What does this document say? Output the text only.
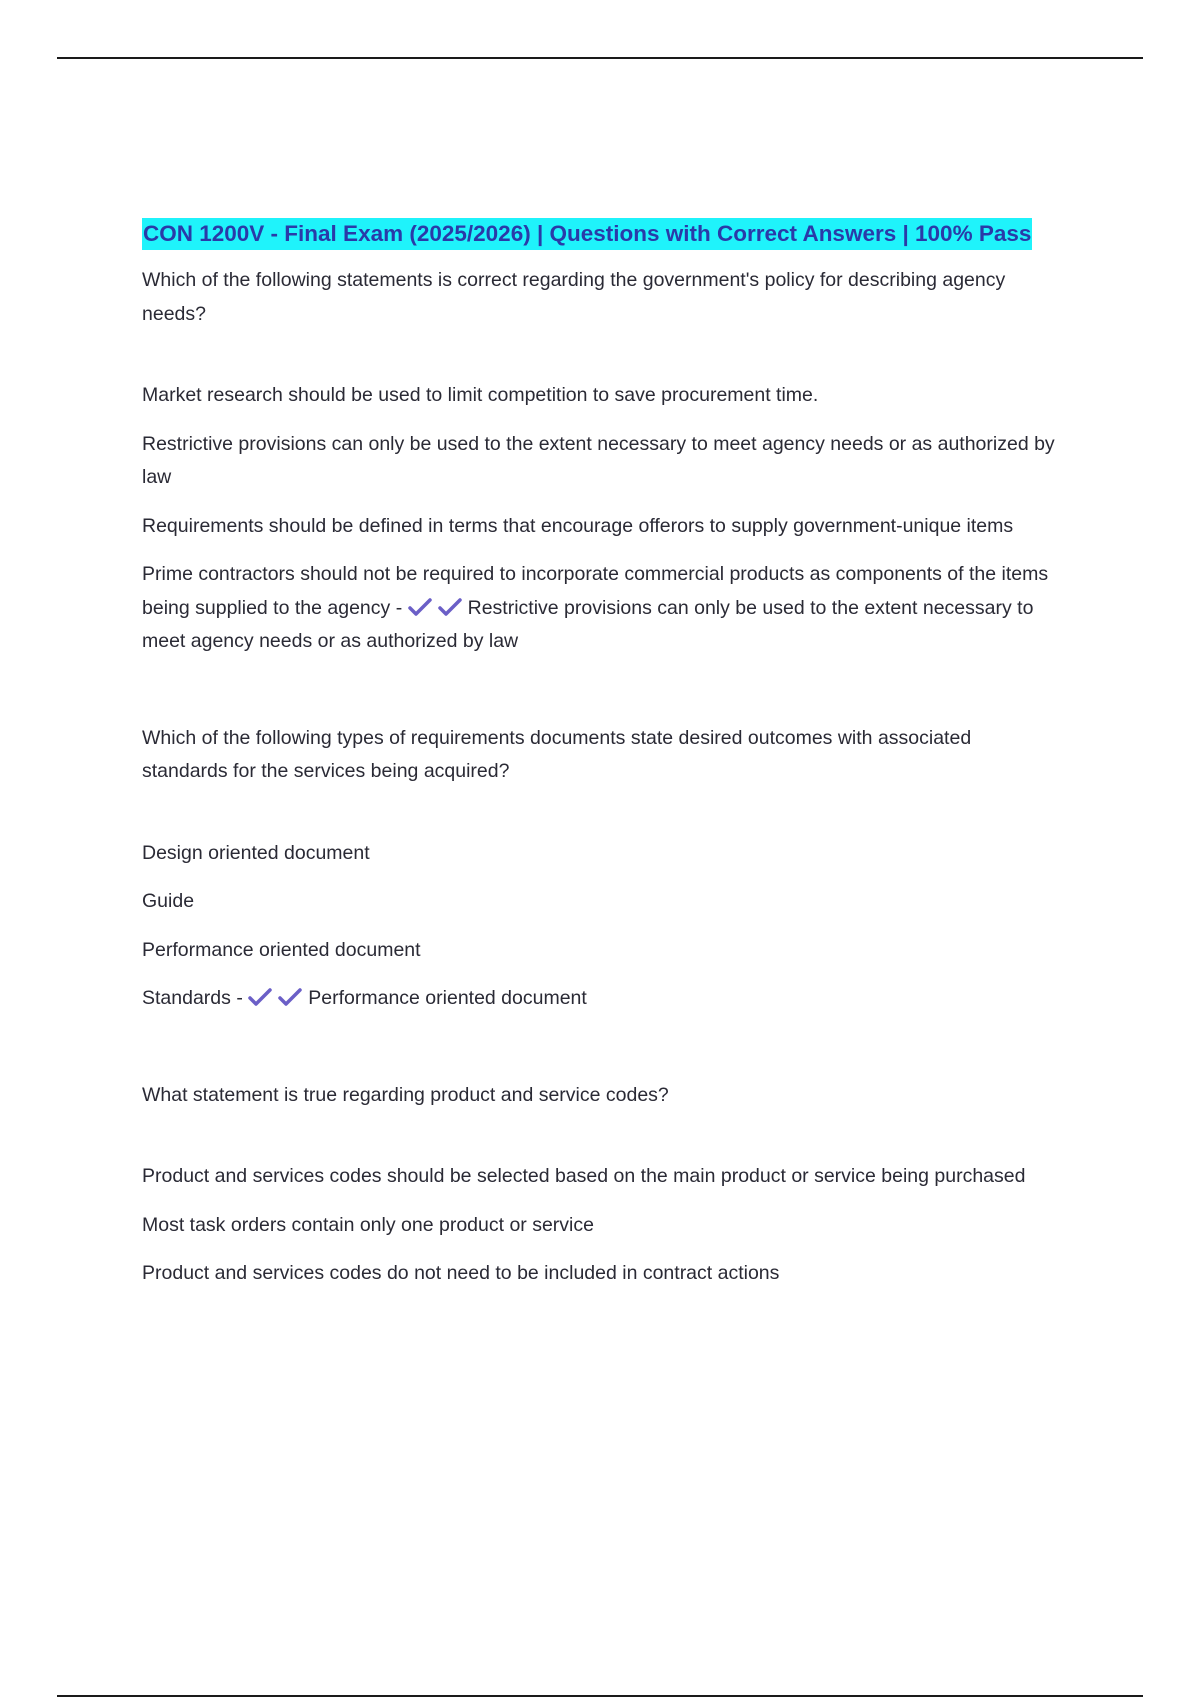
CON 1200V - Final Exam (2025/2026) | Questions with Correct Answers | 100% Pass
Which of the following statements is correct regarding the government's policy for describing agency needs?
Market research should be used to limit competition to save procurement time.
Restrictive provisions can only be used to the extent necessary to meet agency needs or as authorized by law
Requirements should be defined in terms that encourage offerors to supply government-unique items
Prime contractors should not be required to incorporate commercial products as components of the items being supplied to the agency -	Restrictive provisions can only be used to the extent necessary to meet agency needs or as authorized by law
Which of the following types of requirements documents state desired outcomes with associated standards for the services being acquired?
Design oriented document
Guide
Performance oriented document
Standards -	Performance oriented document
What statement is true regarding product and service codes?
Product and services codes should be selected based on the main product or service being purchased
Most task orders contain only one product or service
Product and services codes do not need to be included in contract actions
